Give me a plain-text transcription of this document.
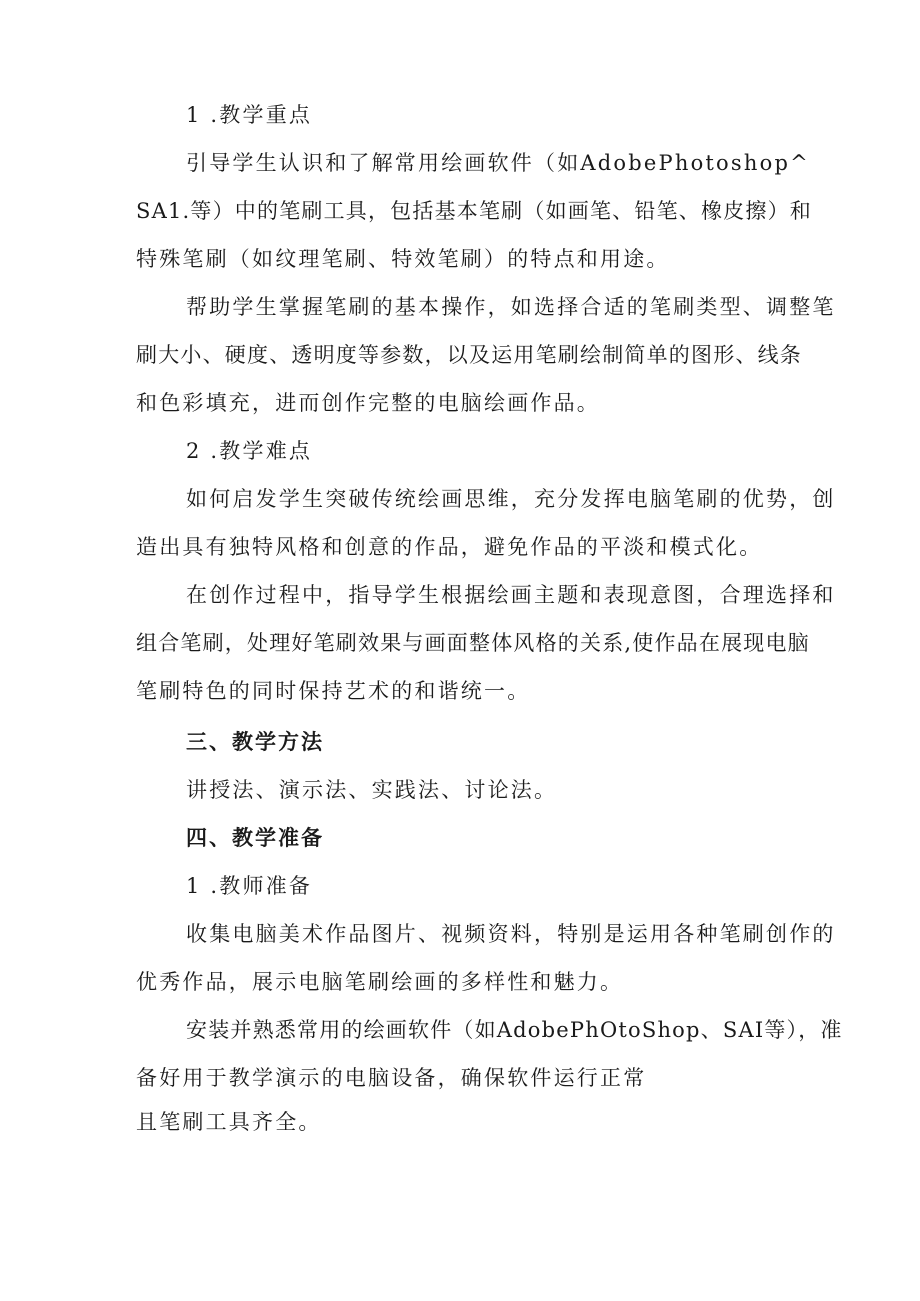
1 .教学重点
引导学生认识和了解常用绘画软件（如AdobePhotoshop^
SA1.等）中的笔刷工具，包括基本笔刷（如画笔、铅笔、橡皮擦）和
特殊笔刷（如纹理笔刷、特效笔刷）的特点和用途。
帮助学生掌握笔刷的基本操作，如选择合适的笔刷类型、调整笔
刷大小、硬度、透明度等参数，以及运用笔刷绘制简单的图形、线条
和色彩填充，进而创作完整的电脑绘画作品。
2 .教学难点
如何启发学生突破传统绘画思维，充分发挥电脑笔刷的优势，创
造出具有独特风格和创意的作品，避免作品的平淡和模式化。
在创作过程中，指导学生根据绘画主题和表现意图，合理选择和
组合笔刷，处理好笔刷效果与画面整体风格的关系,使作品在展现电脑
笔刷特色的同时保持艺术的和谐统一。
三、教学方法
讲授法、演示法、实践法、讨论法。
四、教学准备
1 .教师准备
收集电脑美术作品图片、视频资料，特别是运用各种笔刷创作的
优秀作品，展示电脑笔刷绘画的多样性和魅力。
安装并熟悉常用的绘画软件（如AdobePhOtoShop、SAI等），准
备好用于教学演示的电脑设备，确保软件运行正常
且笔刷工具齐全。
